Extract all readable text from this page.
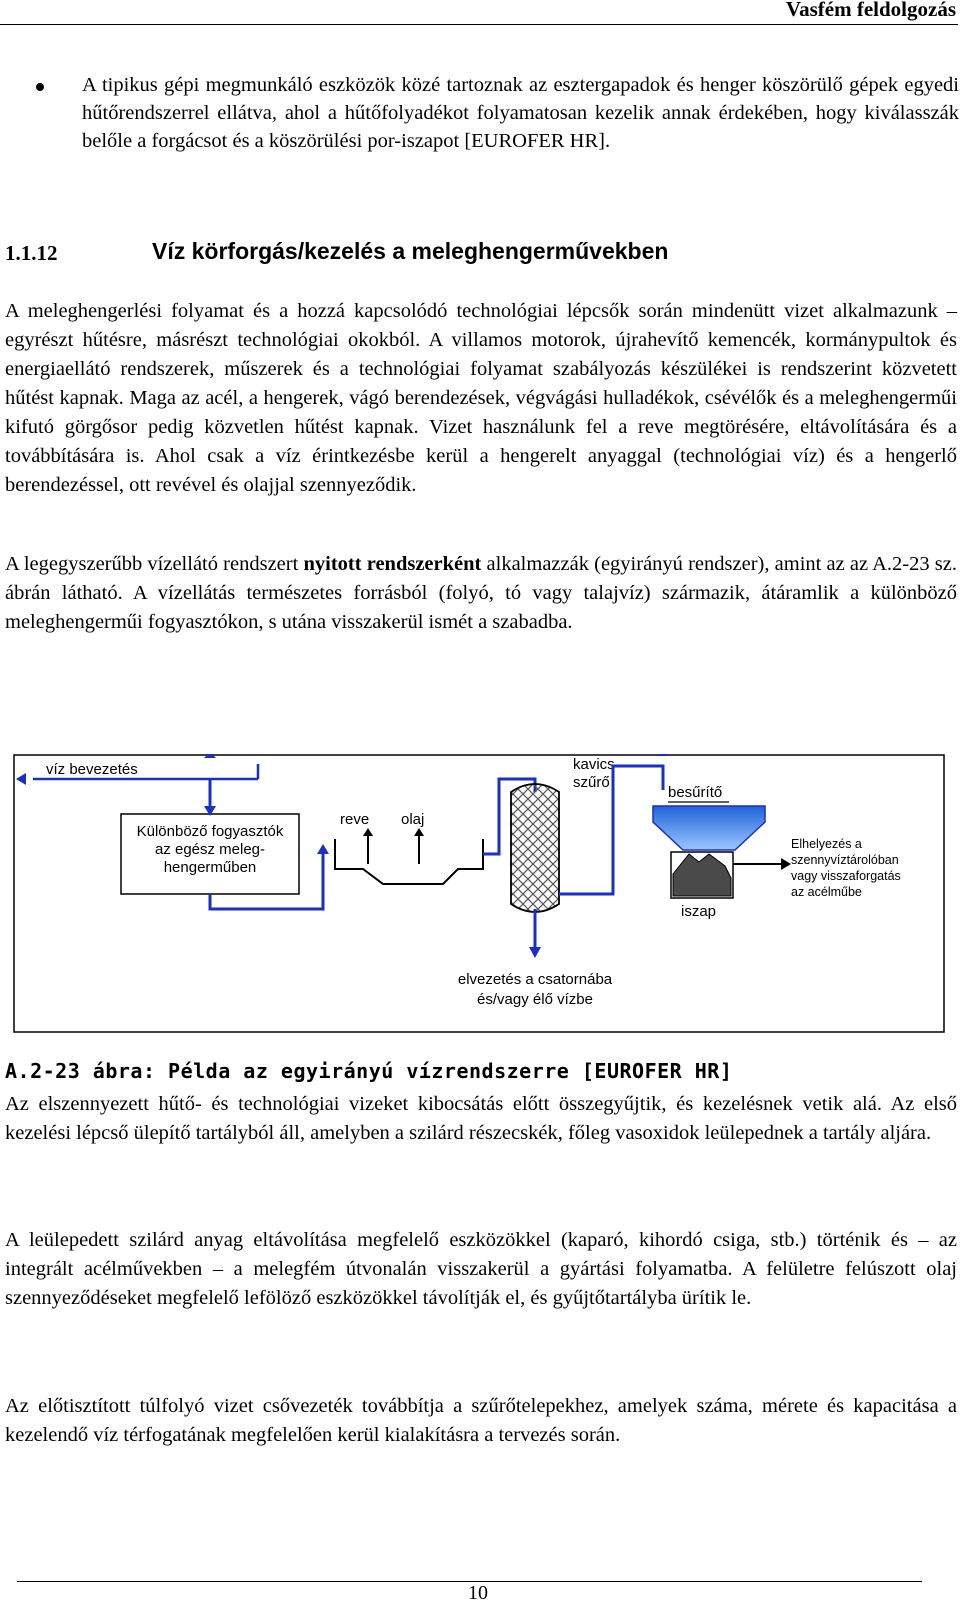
Vasfém feldolgozás

A tipikus gépi megmunkáló eszközök közé tartoznak az esztergapadok és henger köszörülő gépek egyedi hűtőrendszerrel ellátva, ahol a hűtőfolyadékot folyamatosan kezelik annak érdekében, hogy kiválasszák belőle a forgácsot és a köszörülési por-iszapot [EUROFER HR].

1.1.12	Víz körforgás/kezelés a meleghengerművekben

A meleghengerlési folyamat és a hozzá kapcsolódó technológiai lépcsők során mindenütt vizet alkalmazunk – egyrészt hűtésre, másrészt technológiai okokból. A villamos motorok, újrahevítő kemencék, kormánypultok és energiaellátó rendszerek, műszerek és a technológiai folyamat szabályozás készülékei is rendszerint közvetett hűtést kapnak. Maga az acél, a hengerek, vágó berendezések, végvágási hulladékok, csévélők és a meleghengerműi kifutó görgősor pedig közvetlen hűtést kapnak. Vizet használunk fel a reve megtörésére, eltávolítására és a továbbítására is. Ahol csak a víz érintkezésbe kerül a hengerelt anyaggal (technológiai víz) és a hengerlő berendezéssel, ott revével és olajjal szennyeződik.

A legegyszerűbb vízellátó rendszert nyitott rendszerként alkalmazzák (egyirányú rendszer), amint az az A.2-23 sz. ábrán látható. A vízellátás természetes forrásból (folyó, tó vagy talajvíz) származik, átáramlik a különböző meleghengerműi fogyasztókon, s utána visszakerül ismét a szabadba.

víz bevezetés
Különböző fogyasztók
az egész meleg-
hengerműben
reve olaj
kavics
szűrő
besűrítő
iszap
Elhelyezés a
szennyvíztárolóban
vagy visszaforgatás
az acélműbe
elvezetés a csatornába
és/vagy élő vízbe
A.2-23 ábra: Példa az egyirányú vízrendszerre [EUROFER HR]

Az elszennyezett hűtő- és technológiai vizeket kibocsátás előtt összegyűjtik, és kezelésnek vetik alá. Az első kezelési lépcső ülepítő tartályból áll, amelyben a szilárd részecskék, főleg vasoxidok leülepednek a tartály aljára.

A leülepedett szilárd anyag eltávolítása megfelelő eszközökkel (kaparó, kihordó csiga, stb.) történik és – az integrált acélművekben – a melegfém útvonalán visszakerül a gyártási folyamatba. A felületre felúszott olaj szennyeződéseket megfelelő lefölöző eszközökkel távolítják el, és gyűjtőtartályba ürítik le.

Az előtisztított túlfolyó vizet csővezeték továbbítja a szűrőtelepekhez, amelyek száma, mérete és kapacitása a kezelendő víz térfogatának megfelelően kerül kialakításra a tervezés során.

10
